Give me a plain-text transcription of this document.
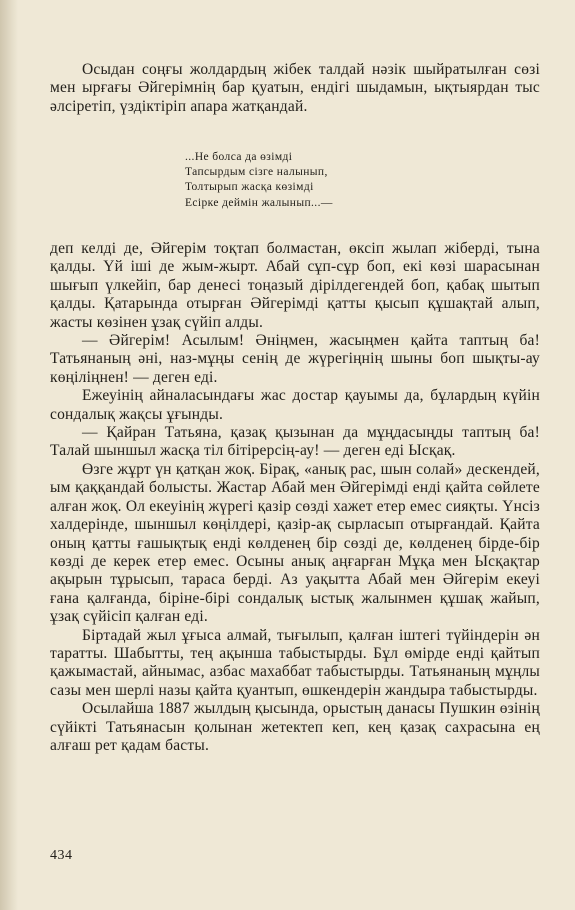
Осыдан соңғы жолдардың жібек талдай нәзік шыйратылған сөзі мен ырғағы Әйгерімнің бар қуатын, ендігі шыдамын, ықтыярдан тыс әлсіретіп, үздіктіріп апара жатқандай.

...Не болса да өзімді
Тапсырдым сізге налынып,
Толтырып жасқа көзімді
Есірке деймін жалынып...—

деп келді де, Әйгерім тоқтап болмастан, өксіп жылап жіберді, тына қалды. Үй іші де жым-жырт. Абай сұп-сұр боп, екі көзі шарасынан шығып үлкейіп, бар денесі тоңазый дірілдегендей боп, қабақ шытып қалды. Қатарында отырған Әйгерімді қатты қысып құшақтай алып, жасты көзінен ұзақ сүйіп алды.

— Әйгерім! Асылым! Әніңмен, жасыңмен қайта таптың ба! Татьянаның әні, наз-мұңы сенің де жүрегіңнің шыны боп шықты-ау көңіліңнен! — деген еді.

Ежеуінің айналасындағы жас достар қауымы да, бұлардың күйін сондалық жақсы ұғынды.

— Қайран Татьяна, қазақ қызынан да мұңдасыңды таптың ба! Талай шыншыл жасқа тіл бітірерсің-ау! — деген еді Ысқақ.

Өзге жұрт үн қатқан жоқ. Бірақ, «анық рас, шын солай» дескендей, ым қаққандай болысты. Жастар Абай мен Әйгерімді енді қайта сөйлете алған жоқ. Ол екеуінің жүрегі қазір сөзді хажет етер емес сияқты. Үнсіз халдерінде, шыншыл көңілдері, қазір-ақ сырласып отырғандай. Қайта оның қатты ғашықтық енді көлденең бір сөзді де, көлденең бірде-бір көзді де керек етер емес. Осыны анық аңғарған Мұқа мен Ысқақтар ақырын тұрысып, тараса берді. Аз уақытта Абай мен Әйгерім екеуі ғана қалғанда, біріне-бірі сондалық ыстық жалынмен құшақ жайып, ұзақ сүйісіп қалған еді.

Біртадай жыл ұғыса алмай, тығылып, қалған іштегі түйіндерін ән таратты. Шабытты, тең ақынша табыстырды. Бұл өмірде енді қайтып қажымастай, айнымас, азбас махаббат табыстырды. Татьянаның мұңлы сазы мен шерлі назы қайта қуантып, өшкендерін жандыра табыстырды.

Осылайша 1887 жылдың қысында, орыстың данасы Пушкин өзінің сүйікті Татьянасын қолынан жетектеп кеп, кең қазақ сахрасына ең алғаш рет қадам басты.

434
